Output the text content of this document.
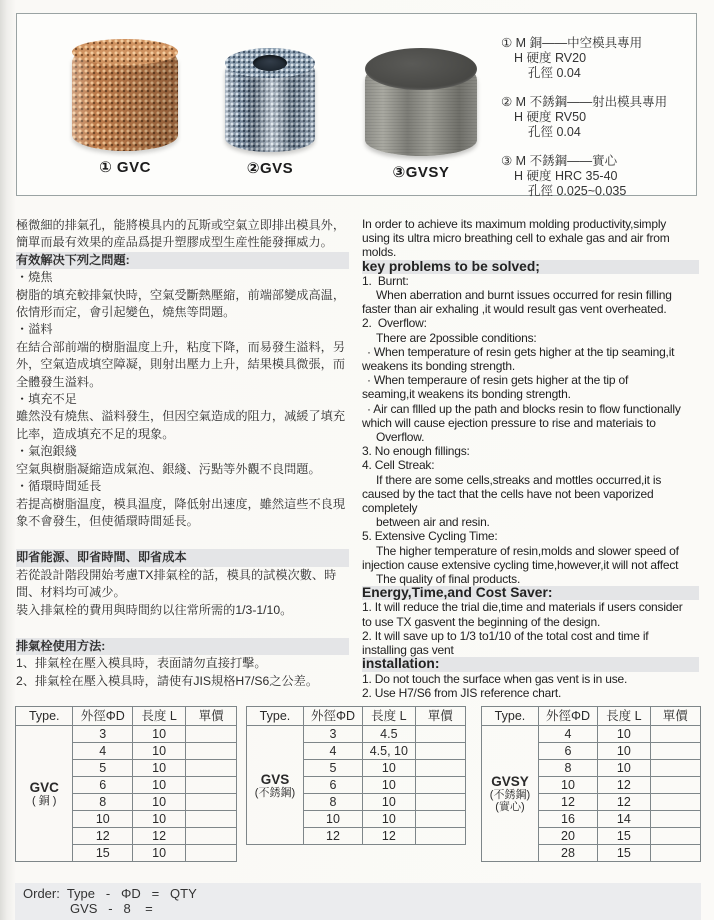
① GVC	②GVS	③GVSY
① M 銅——中空模具專用
H 硬度 RV20
孔徑 0.04
② M 不銹鋼——射出模具專用
H 硬度 RV50
孔徑 0.04
③ M 不銹鋼——實心
H 硬度 HRC 35-40
孔徑 0.025~0.035
極微細的排氣孔，能將模具内的瓦斯或空氣立即排出模具外，
簡單而最有效果的産品爲提升塑膠成型生産性能發揮威力。
有效解决下列之問題:
・燒焦
樹脂的填充較排氣快時，空氣受斷熱壓縮，前端部變成高温，
依情形而定，會引起變色，燒焦等問題。
・溢料
在結合部前端的樹脂温度上升，粘度下降，而易發生溢料，另
外，空氣造成填空障凝，則射出壓力上升，結果模具微張，而
全體發生溢料。
・填充不足
雖然没有燒焦、溢料發生，但因空氣造成的阻力，减緩了填充
比率，造成填充不足的現象。
・氣泡銀綫
空氣與樹脂凝縮造成氣泡、銀綫、污點等外觀不良問題。
・循環時間延長
若提高樹脂温度，模具温度，降低射出速度，雖然這些不良現
象不會發生，但使循環時間延長。
即省能源、即省時間、即省成本
若從設計階段開始考慮TX排氣栓的話，模具的試模次數、時
間、材料均可减少。
裝入排氣栓的費用與時間約以往常所需的1/3-1/10。
排氣栓使用方法:
1、排氣栓在壓入模具時，表面請勿直接打擊。
2、排氣栓在壓入模具時，請使有JIS規格H7/S6之公差。
In order to achieve its maximum molding productivity,simply
using its ultra micro breathing cell to exhale gas and air from
molds.
key problems to be solved;
1.  Burnt:
When aberration and burnt issues occurred for resin filling
faster than air exhaling ,it would result gas vent overheated.
2.  Overflow:
There are 2possible conditions:
· When temperature of resin gets higher at the tip seaming,it
weakens its bonding strength.
· When temperaure of resin gets higher at the tip of
seaming,it weakens its bonding strength.
· Air can fllled up the path and blocks resin to flow functionally
which will cause ejection pressure to rise and materiais to
Overflow.
3. No enough fillings:
4. Cell Streak:
If there are some cells,streaks and mottles occurred,it is
caused by the tact that the cells have not been vaporized
completely
between air and resin.
5. Extensive Cycling Time:
The higher temperature of resin,molds and slower speed of
injection cause extensive cycling time,however,it will not affect
The quality of final products.
Energy,Time,and Cost Saver:
1. It will reduce the trial die,time and materials if users consider
to use TX gasvent the beginning of the design.
2. It will save up to 1/3 to1/10 of the total cost and time if
installing gas vent
installation:
1. Do not touch the surface when gas vent is in use.
2. Use H7/S6 from JIS reference chart.
Type.	外徑ΦD	長度 L	單價

GVC
( 銅 )	3	10	
	4	10	
	5	10	
	6	10	
	8	10	
	10	10	
	12	12	
	15	10	
Type.	外徑ΦD	長度 L	單價

GVS
(不銹鋼)	3	4.5	
	4	4.5, 10	
	5	10	
	6	10	
	8	10	
	10	10	
	12	12	
Type.	外徑ΦD	長度 L	單價

GVSY
(不銹鋼)
(實心)	4	10	
	6	10	
	8	10	
	10	12	
	12	12	
	16	14	
	20	15	
	28	15	
Order:  Type   -   ΦD   =   QTY
GVS   -   8    =
